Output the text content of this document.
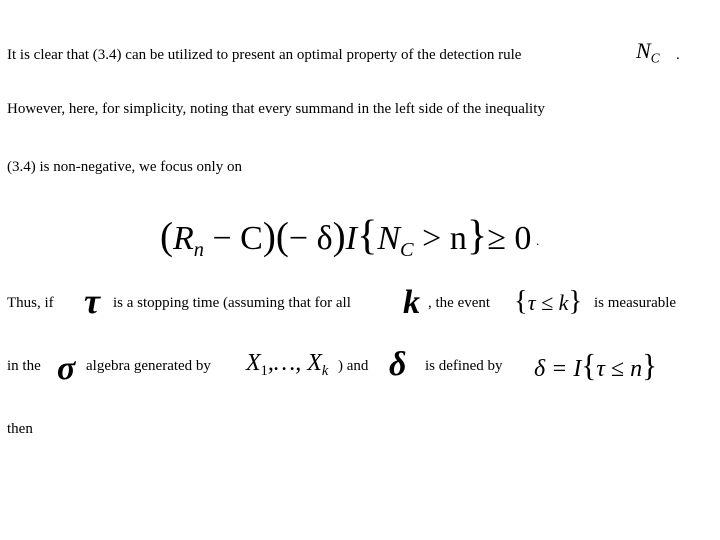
It is clear that (3.4) can be utilized to present an optimal property of the detection rule	$N_C$ .
However, here, for simplicity, noting that every summand in the left side of the inequality
(3.4) is non-negative, we focus only on
$(R_n - C)(- \delta)I\{N_C > n\}\ge 0$ .
Thus, if τ is a stopping time (assuming that for all k , the event {τ ≤ k} is measurable
in the σ algebra generated by $X_1,\dots$, $X_k$ ) and δ is defined by δ = I{τ ≤ n}
then
